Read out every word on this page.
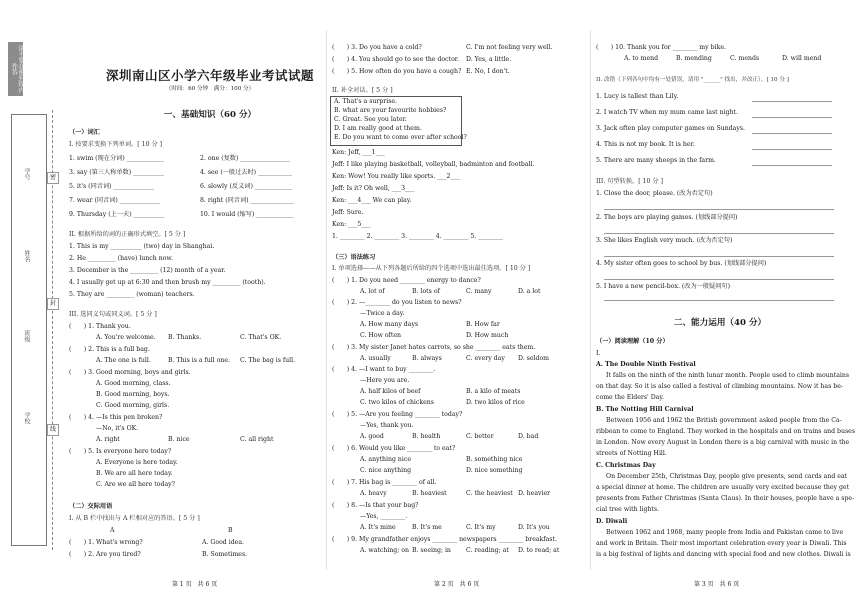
请不要在密封线内作答
学号
姓名
班级
学校
密
封
线
深圳南山区小学六年级毕业考试试题
（时间：60 分钟　满分：100 分）
一、基础知识（60 分）
（一）词汇
I. 按要求变换下列单词。[ 10 分 ]
1. swim (现在分词) ____________	2. one (复数) ________________
3. say (第三人称单数) __________	4. see (一般过去时) ___________
5. it's (同音词) _____________	6. slowly (反义词) ____________
7. wear (同音词) _____________	8. right (同音词) ______________
9. Thursday (上一天) __________	10. I would (缩写) ____________
II. 根据所给的词的正确形式填空。[ 5 分 ]
1. This is my __________ (two) day in Shanghai.
2. He _________ (have) lunch now.
3. December is the _________ (12) month of a year.
4. I usually get up at 6:30 and then brush my _________ (tooth).
5. They are _________ (woman) teachers.
III. 选同义句或同义词。[ 5 分 ]
(　　) 1. Thank you.
A. You're welcome. B. Thanks.	C. That's OK.
(　　) 2. This is a full bag.
A. The one is full.	B. This is a full one. C. The bag is full.
(　　) 3. Good morning, boys and girls.
A. Good morning, class.
B. Good morning, boys.
C. Good morning, girls.
(　　) 4. —Is this pen broken?
—No, it's OK.
A. right	B. nice	C. all right
(　　) 5. Is everyone here today?
A. Everyone is here today.
B. We are all here today.
C. Are we all here today?
（二）交际用语
I. 从 B 栏中找出与 A 栏相对应的答语。[ 5 分 ]
A	B
(　　) 1. What's wrong?	A. Good idea.
(　　) 2. Are you tired?	B. Sometimes.
第 1 页　共 6 页
(　　) 3. Do you have a cold?	C. I'm not feeling very well.
(　　) 4. You should go to see the doctor. D. Yes, a little.
(　　) 5. How often do you have a cough? E. No, I don't.
II. 补全对话。[ 5 分 ]
A. That's a surprise.
B. what are your favourite hobbies?
C. Great. See you later.
D. I am really good at them.
E. Do you want to come over after school?
Ken: Jeff, ___1___
Jeff: I like playing basketball, volleyball, badminton and football.
Ken: Wow! You really like sports. ___2___
Jeff: Is it? Oh well, ___3___
Ken: ___4___ We can play.
Jeff: Sure.
Ken: ___5___
1. ________ 2. ________ 3. ________ 4. ________ 5. ________
（三）语法练习
I. 单项选择——从下列各题后所给的四个选项中选出最佳选项。[ 10 分 ]
(　　) 1. Do you need ________ energy to dance?
A. lot of	B. lots of	C. many	D. a lot
(　　) 2. —________ do you listen to news?
—Twice a day.
A. How many days	B. How far
C. How often	D. How much
(　　) 3. My sister Janet hates carrots, so she ________ eats them.
A. usually	B. always	C. every day D. seldom
(　　) 4. —I want to buy ________.
—Here you are.
A. half kilos of beef	B. a kilo of meats
C. two kilos of chickens	D. two kilos of rice
(　　) 5. —Are you feeling ________ today?
—Yes, thank you.
A. good	B. health	C. better	D. bad
(　　) 6. Would you like ________ to eat?
A. anything nice	B. something nice
C. nice anything	D. nice something
(　　) 7. His bag is ________ of all.
A. heavy	B. heaviest	C. the heaviest D. heavier
(　　) 8. —Is that your bag?
—Yes, ________.
A. It's mine	B. It's me	C. It's my	D. It's you
(　　) 9. My grandfather enjoys ________ newspapers ________ breakfast.
A. watching; on B. seeing; in C. reading; at D. to read; at
第 2 页　共 6 页
(　　) 10. Thank you for ________ my bike.
A. to mend	B. mending	C. mends	D. will mend
II. 改错（下列各句中均有一处错误，请用 "______" 找出，并改正）。[ 10 分 ]
1. Lucy is tallest than Lily.
2. I watch TV when my mum came last night.
3. Jack often play computer games on Sundays.
4. This is not my book. It is her.
5. There are many sheeps in the farm.
III. 句型转换。[ 10 分 ]
1. Close the door, please. (改为否定句)
2. The boys are playing games. (划线部分提问)
3. She likes English very much. (改为否定句)
4. My sister often goes to school by bus. (划线部分提问)
5. I have a new pencil-box. (改为一般疑问句)
二、能力运用（40 分）
（一）阅读理解（10 分）
I.
A. The Double Ninth Festival
It falls on the ninth of the ninth lunar month. People used to climb mountains
on that day. So it is also called a festival of climbing mountains. Now it has be-
come the Elders' Day.
B. The Notting Hill Carnival
Between 1956 and 1962 the British government asked people from the Ca-
ribbean to come to England. They worked in the hospitals and on trains and buses
in London. Now every August in London there is a big carnival with music in the
streets of Notting Hill.
C. Christmas Day
On December 25th, Christmas Day, people give presents, send cards and eat
a special dinner at home. The children are usually very excited because they get
presents from Father Christmas (Santa Claus). In their houses, people have a spe-
cial tree with lights.
D. Diwali
Between 1962 and 1968, many people from India and Pakistan came to live
and work in Britain. Their most important celebration every year is Diwali. This
is a big festival of lights and dancing with special food and new clothes. Diwali is
第 3 页　共 6 页
